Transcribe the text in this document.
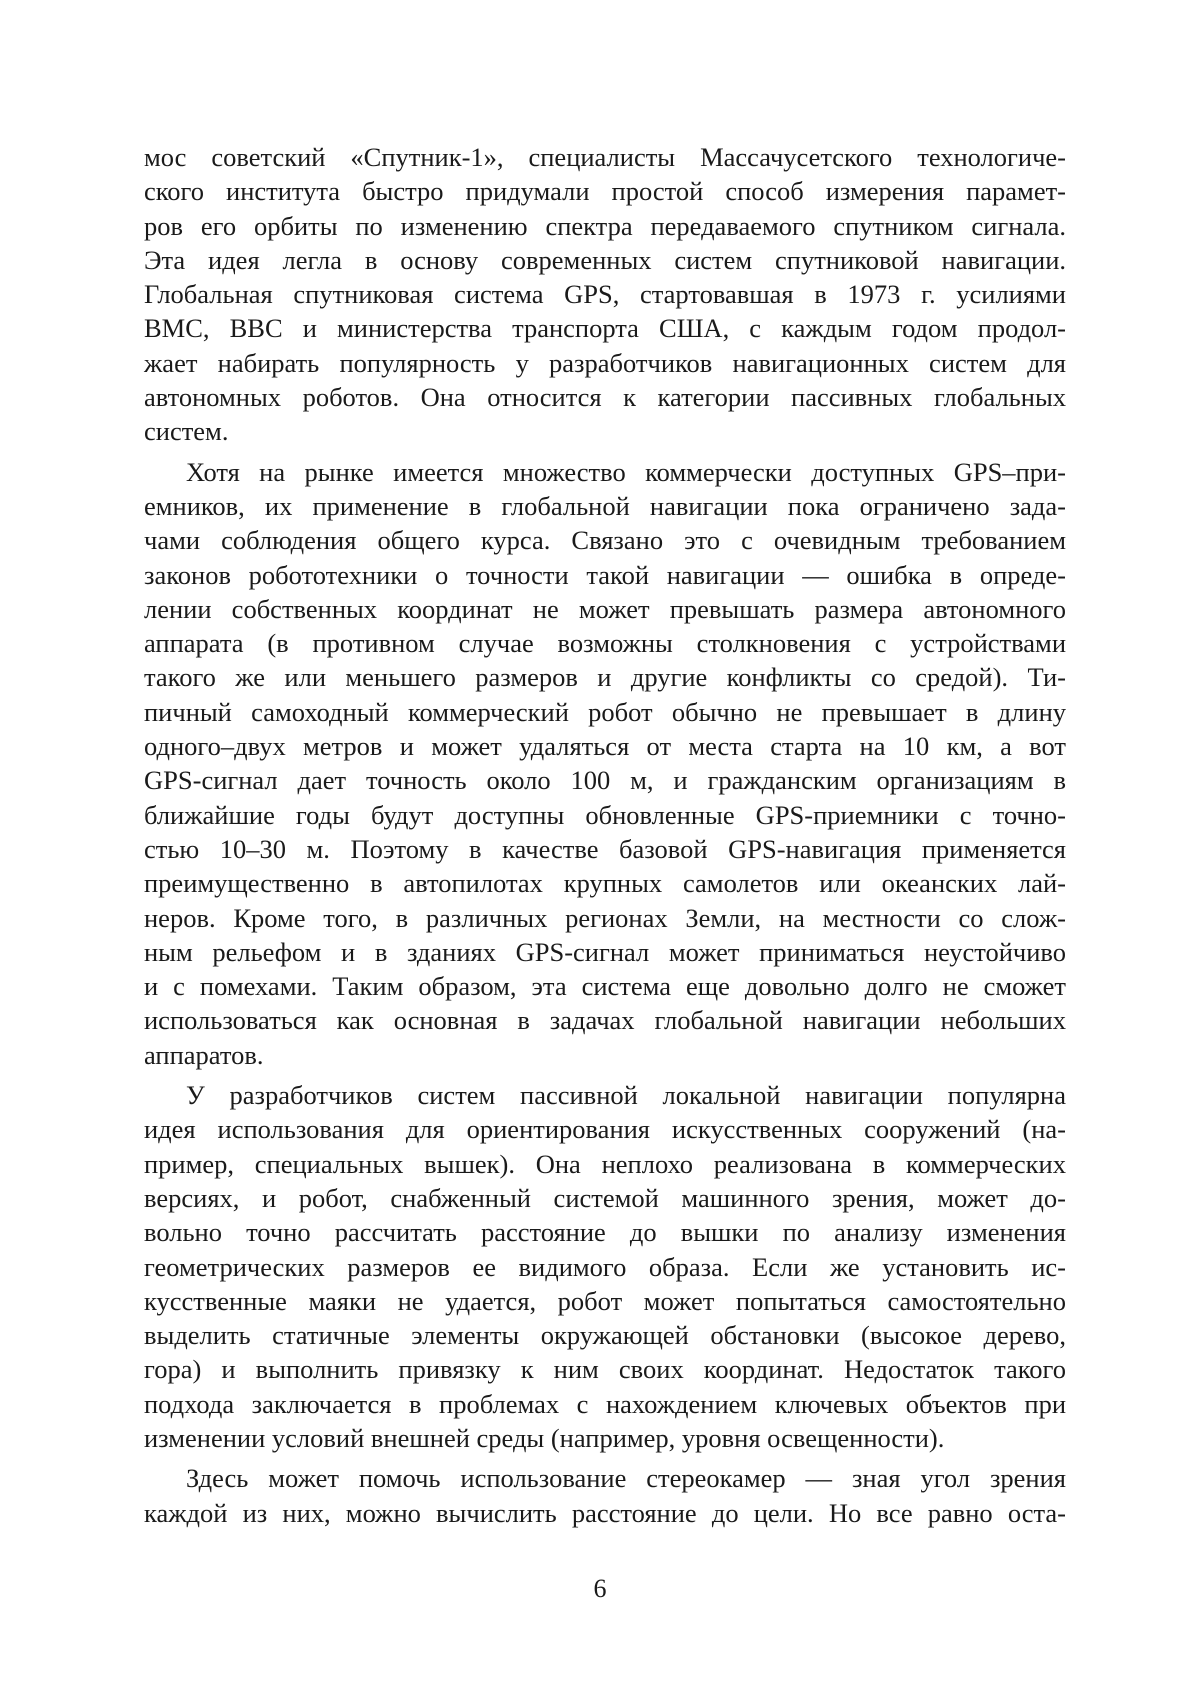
мос советский «Спутник-1», специалисты Массачусетского технологиче-
ского института быстро придумали простой способ измерения парамет-
ров его орбиты по изменению спектра передаваемого спутником сигнала.
Эта идея легла в основу современных систем спутниковой навигации.
Глобальная спутниковая система GPS, стартовавшая в 1973 г. усилиями
ВМС, ВВС и министерства транспорта США, с каждым годом продол-
жает набирать популярность у разработчиков навигационных систем для
автономных роботов. Она относится к категории пассивных глобальных
систем.
Хотя на рынке имеется множество коммерчески доступных GPS–при-
емников, их применение в глобальной навигации пока ограничено зада-
чами соблюдения общего курса. Связано это с очевидным требованием
законов робототехники о точности такой навигации — ошибка в опреде-
лении собственных координат не может превышать размера автономного
аппарата (в противном случае возможны столкновения с устройствами
такого же или меньшего размеров и другие конфликты со средой). Ти-
пичный самоходный коммерческий робот обычно не превышает в длину
одного–двух метров и может удаляться от места старта на 10 км, а вот
GPS-сигнал дает точность около 100 м, и гражданским организациям в
ближайшие годы будут доступны обновленные GPS-приемники с точно-
стью 10–30 м. Поэтому в качестве базовой GPS-навигация применяется
преимущественно в автопилотах крупных самолетов или океанских лай-
неров. Кроме того, в различных регионах Земли, на местности со слож-
ным рельефом и в зданиях GPS-сигнал может приниматься неустойчиво
и с помехами. Таким образом, эта система еще довольно долго не сможет
использоваться как основная в задачах глобальной навигации небольших
аппаратов.
У разработчиков систем пассивной локальной навигации популярна
идея использования для ориентирования искусственных сооружений (на-
пример, специальных вышек). Она неплохо реализована в коммерческих
версиях, и робот, снабженный системой машинного зрения, может до-
вольно точно рассчитать расстояние до вышки по анализу изменения
геометрических размеров ее видимого образа. Если же установить ис-
кусственные маяки не удается, робот может попытаться самостоятельно
выделить статичные элементы окружающей обстановки (высокое дерево,
гора) и выполнить привязку к ним своих координат. Недостаток такого
подхода заключается в проблемах с нахождением ключевых объектов при
изменении условий внешней среды (например, уровня освещенности).
Здесь может помочь использование стереокамер — зная угол зрения
каждой из них, можно вычислить расстояние до цели. Но все равно оста-
6
